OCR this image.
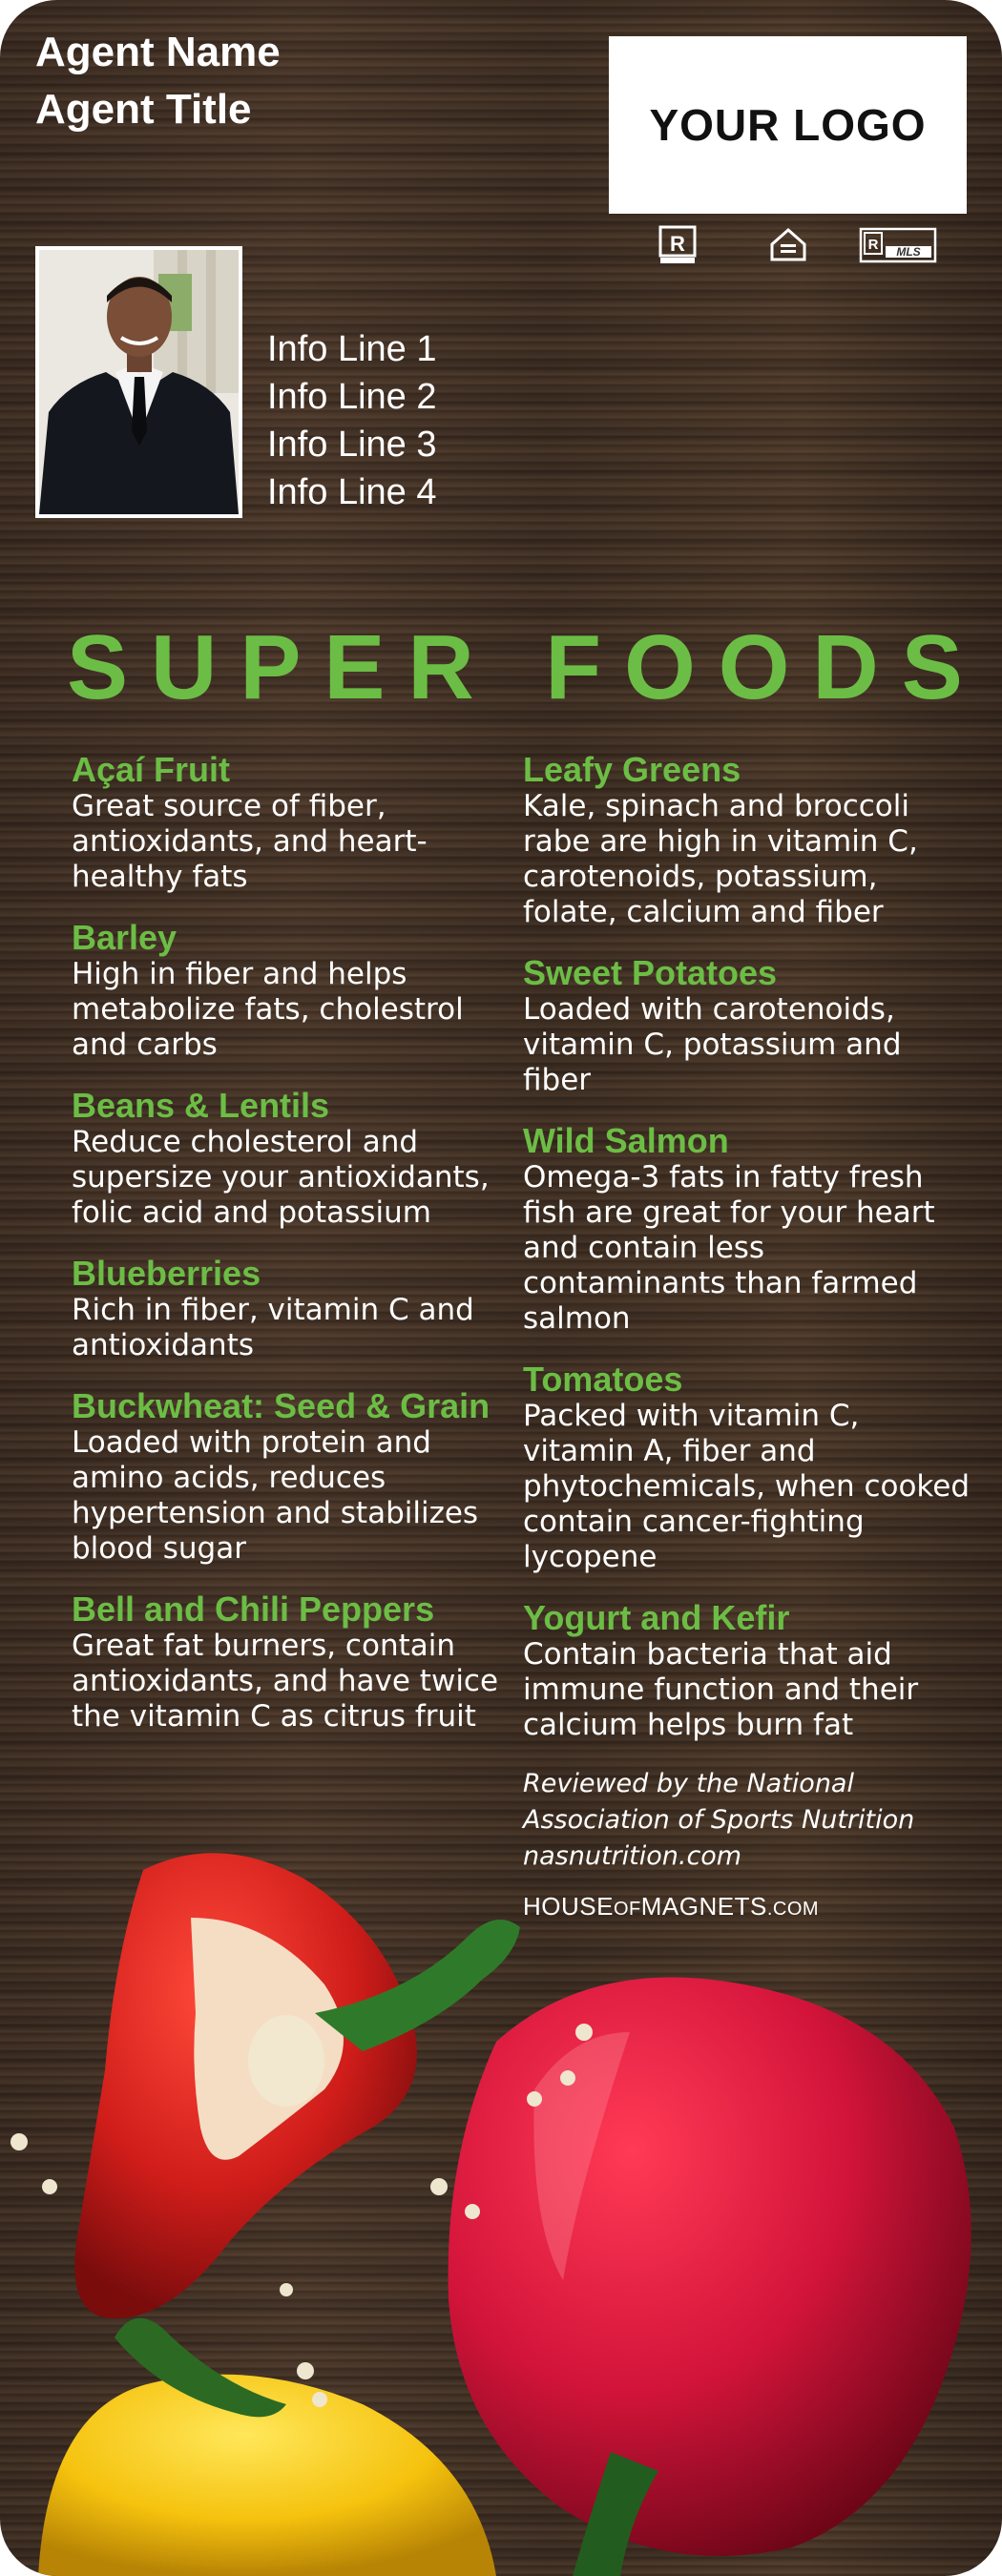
Agent Name
Agent Title	YOUR LOGO
R	R MLS
Info Line 1
Info Line 2
Info Line 3
Info Line 4
SUPER FOODS
Açaí Fruit
Great source of fiber, antioxidants, and heart-healthy fats
Barley
High in fiber and helps metabolize fats, cholestrol and carbs
Beans & Lentils
Reduce cholesterol and supersize your antioxidants, folic acid and potassium
Blueberries
Rich in fiber, vitamin C and antioxidants
Buckwheat: Seed & Grain
Loaded with protein and amino acids, reduces hypertension and stabilizes blood sugar
Bell and Chili Peppers
Great fat burners, contain antioxidants, and have twice the vitamin C as citrus fruit
Leafy Greens
Kale, spinach and broccoli rabe are high in vitamin C, carotenoids, potassium, folate, calcium and fiber
Sweet Potatoes
Loaded with carotenoids, vitamin C, potassium and fiber
Wild Salmon
Omega-3 fats in fatty fresh fish are great for your heart and contain less contaminants than farmed salmon
Tomatoes
Packed with vitamin C, vitamin A, fiber and phytochemicals, when cooked contain cancer-fighting lycopene
Yogurt and Kefir
Contain bacteria that aid immune function and their calcium helps burn fat
Reviewed by the National Association of Sports Nutrition
nasnutrition.com
HOUSEOFMAGNETS.COM
